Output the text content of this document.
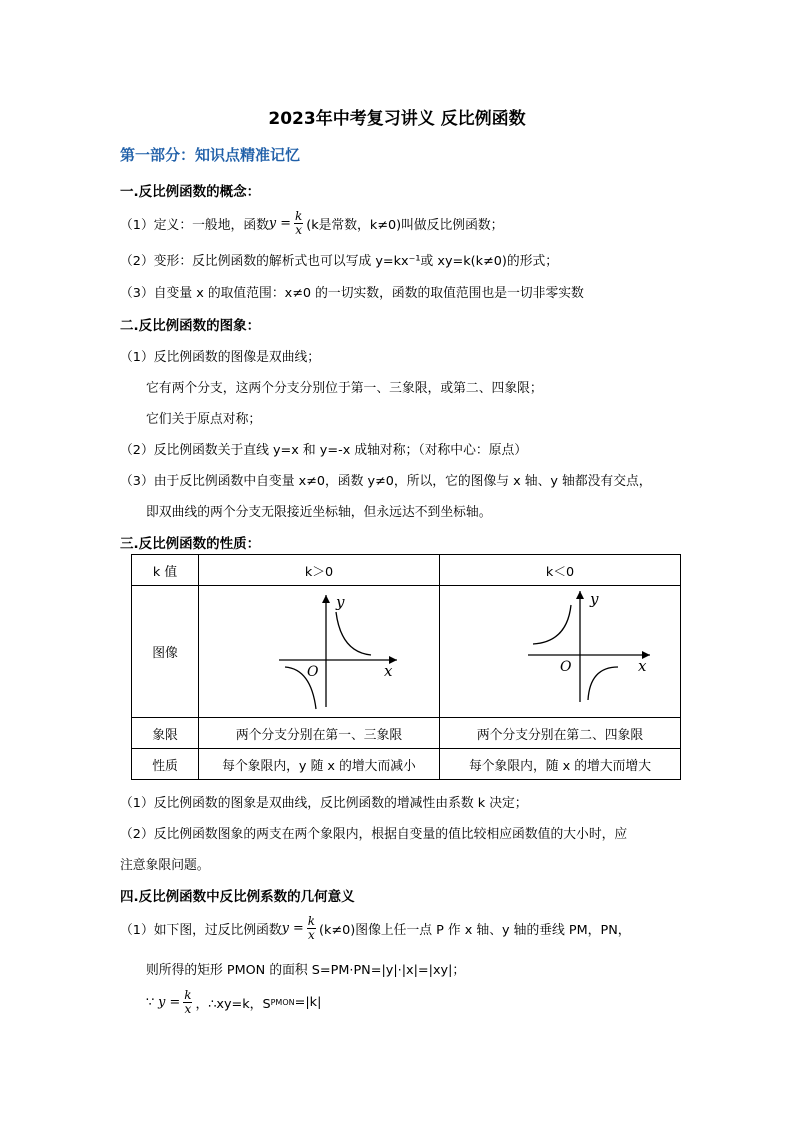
2023年中考复习讲义 反比例函数
第一部分：知识点精准记忆
一.反比例函数的概念：
（1）定义：一般地，函数 $y = \frac{k}{x} (k$是常数，k≠0)叫做反比例函数；
（2）变形：反比例函数的解析式也可以写成 y=kx⁻¹或 xy=k(k≠0)的形式；
（3）自变量 x 的取值范围：x≠0 的一切实数，函数的取值范围也是一切非零实数
二.反比例函数的图象：
（1）反比例函数的图像是双曲线；
它有两个分支，这两个分支分别位于第一、三象限，或第二、四象限；
它们关于原点对称；
（2）反比例函数关于直线 y=x 和 y=-x 成轴对称；（对称中心：原点）
（3）由于反比例函数中自变量 x≠0，函数 y≠0，所以，它的图像与 x 轴、y 轴都没有交点，
即双曲线的两个分支无限接近坐标轴，但永远达不到坐标轴。
三.反比例函数的性质：
k 值	k＞0	k＜0
图像	y
x
O	y
x
O

象限	两个分支分别在第一、三象限	两个分支分别在第二、四象限
性质	每个象限内，y 随 x 的增大而减小	每个象限内，随 x 的增大而增大
（1）反比例函数的图象是双曲线，反比例函数的增减性由系数 k 决定；
（2）反比例函数图象的两支在两个象限内，根据自变量的值比较相应函数值的大小时，应
注意象限问题。
四.反比例函数中反比例系数的几何意义
（1）如下图，过反比例函数 $y = \frac{k}{x} (k\ne 0)$图像上任一点 P 作 x 轴、y 轴的垂线 PM，PN，
则所得的矩形 PMON 的面积 S=PM·PN=|y|·|x|=|xy|；
∵ $y = \frac{k}{x}$ ，∴xy=k，S PMON =|k|
